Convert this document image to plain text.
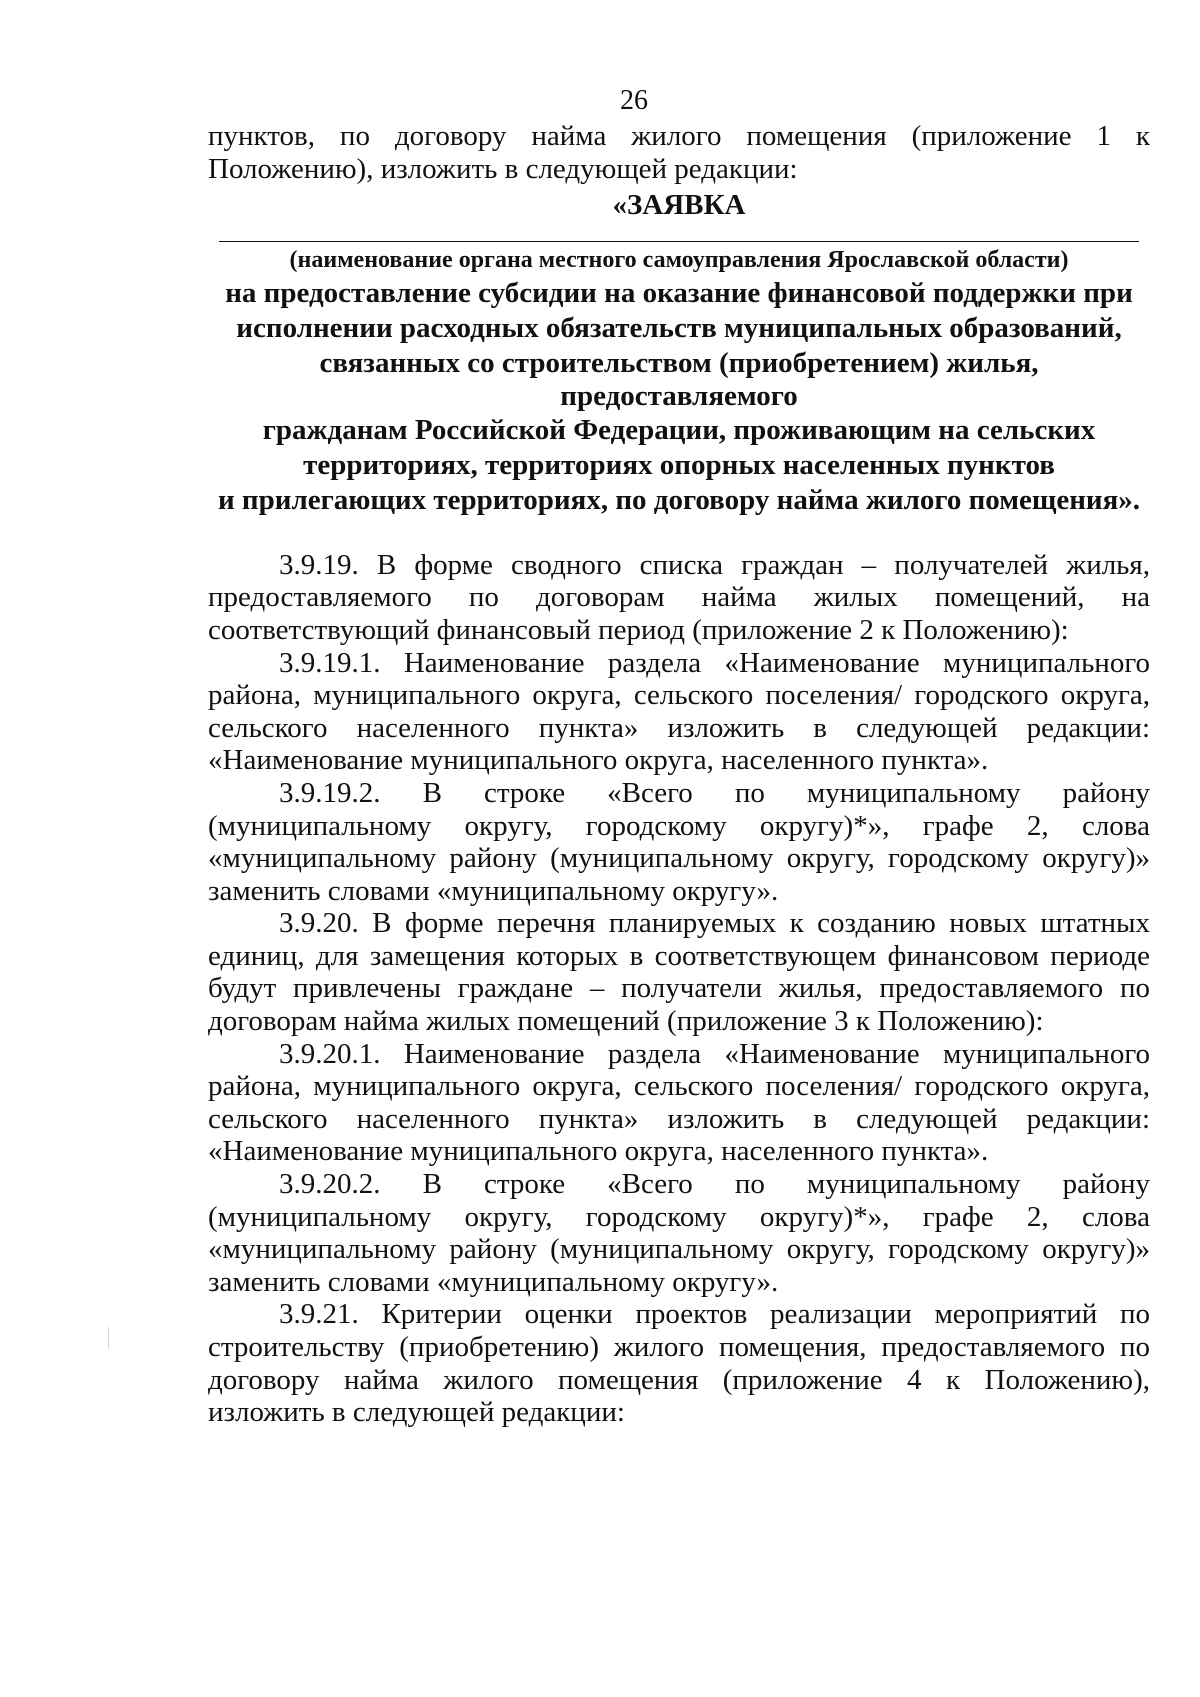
26

пунктов, по договору найма жилого помещения (приложение 1 к

Положению), изложить в следующей редакции:

«ЗАЯВКА
(наименование органа местного самоуправления Ярославской области)
на предоставление субсидии на оказание финансовой поддержки при
исполнении расходных обязательств муниципальных образований,
связанных со строительством (приобретением) жилья, предоставляемого
гражданам Российской Федерации, проживающим на сельских
территориях, территориях опорных населенных пунктов
и прилегающих территориях, по договору найма жилого помещения».

3.9.19. В форме сводного списка граждан – получателей жилья, предоставляемого по договорам найма жилых помещений, на соответствующий финансовый период (приложение 2 к Положению):

3.9.19.1. Наименование раздела «Наименование муниципального района, муниципального округа, сельского поселения/ городского округа, сельского населенного пункта» изложить в следующей редакции: «Наименование муниципального округа, населенного пункта».

3.9.19.2. В строке «Всего по муниципальному району (муниципальному округу, городскому округу)*», графе 2, слова «муниципальному району (муниципальному округу, городскому округу)» заменить словами «муниципальному округу».

3.9.20. В форме перечня планируемых к созданию новых штатных единиц, для замещения которых в соответствующем финансовом периоде будут привлечены граждане – получатели жилья, предоставляемого по договорам найма жилых помещений (приложение 3 к Положению):

3.9.20.1. Наименование раздела «Наименование муниципального района, муниципального округа, сельского поселения/ городского округа, сельского населенного пункта» изложить в следующей редакции: «Наименование муниципального округа, населенного пункта».

3.9.20.2. В строке «Всего по муниципальному району (муниципальному округу, городскому округу)*», графе 2, слова «муниципальному району (муниципальному округу, городскому округу)» заменить словами «муниципальному округу».

3.9.21. Критерии оценки проектов реализации мероприятий по строительству (приобретению) жилого помещения, предоставляемого по договору найма жилого помещения (приложение 4 к Положению), изложить в следующей редакции:
